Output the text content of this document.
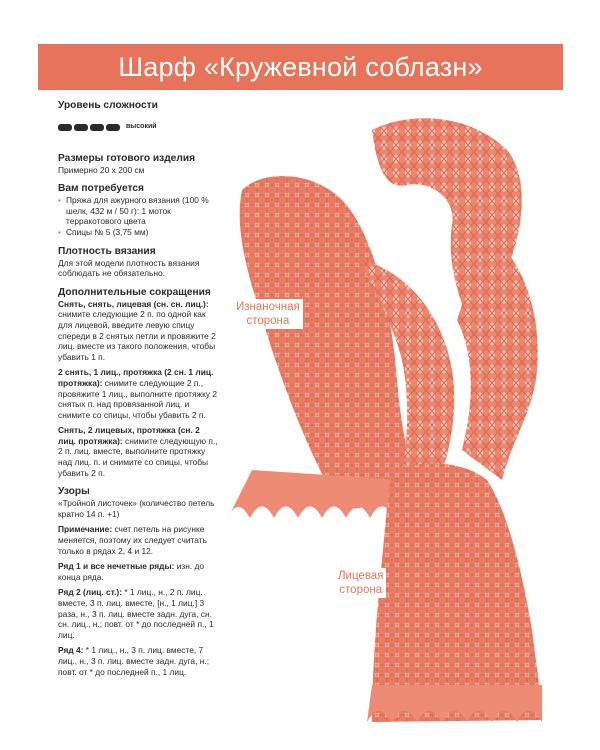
Шарф «Кружевной соблазн»

Уровень сложности

высокий

Размеры готового изделия

Примерно 20 х 200 см

Вам потребуется

• Пряжа для ажурного вязания (100 % шелк, 432 м / 50 г): 1 моток терракотового цвета

• Спицы № 5 (3,75 мм)

Плотность вязания

Для этой модели плотность вязания соблюдать не обязательно.

Дополнительные сокращения

Снять, снять, лицевая (сн. сн. лиц.): снимите следующие 2 п. по одной как для лицевой, введите левую спицу спереди в 2 снятых петли и провяжите 2 лиц. вместе из такого положения, чтобы убавить 1 п.

2 снять, 1 лиц., протяжка (2 сн. 1 лиц. протяжка): снимите следующие 2 п., провяжите 1 лиц., выполните протяжку 2 снятых п. над провязанной лиц. и снимите со спицы, чтобы убавить 2 п.

Снять, 2 лицевых, протяжка (сн. 2 лиц. протяжка): снимите следующую п., 2 п. лиц. вместе, выполните протяжку над лиц. п. и снимите со спицы, чтобы убавить 2 п.

Узоры

«Тройной листочек» (количество петель кратно 14 п. +1)

Примечание: счет петель на рисунке меняется, поэтому их следует считать только в рядах 2, 4 и 12.

Ряд 1 и все нечетные ряды: изн. до конца ряда.

Ряд 2 (лиц. ст.): * 1 лиц., н., 2 п. лиц. вместе, 3 п. лиц. вместе, [н., 1 лиц.] 3 раза, н., 3 п. лиц. вместе задн. дуга, сн. сн. лиц., н.; повт. от * до последней п., 1 лиц.

Ряд 4: * 1 лиц., н., 3 п. лиц. вместе, 7 лиц., н., 3 п. лиц. вместе задн. дуга, н.; повт. от * до последней п., 1 лиц.

Изнаночная
сторона
Лицевая
сторона
